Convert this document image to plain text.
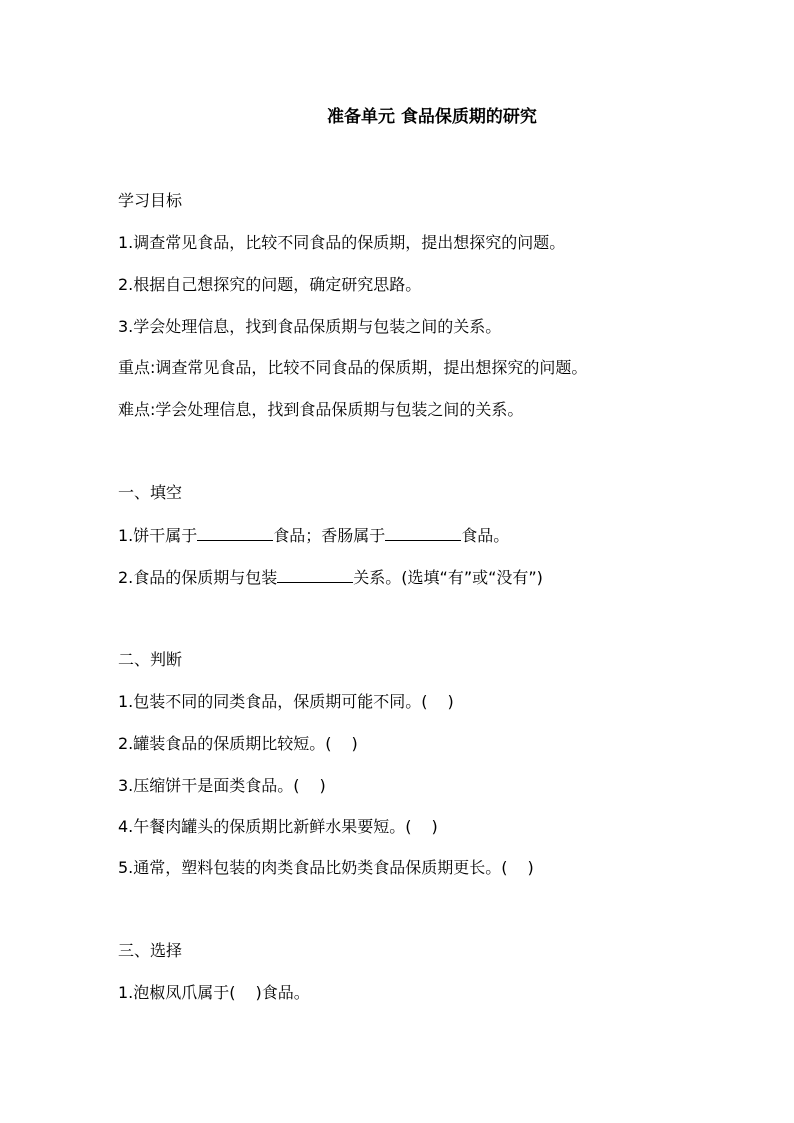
准备单元 食品保质期的研究
学习目标
1.调查常见食品，比较不同食品的保质期，提出想探究的问题。
2.根据自己想探究的问题，确定研究思路。
3.学会处理信息，找到食品保质期与包装之间的关系。
重点:调查常见食品，比较不同食品的保质期，提出想探究的问题。
难点:学会处理信息，找到食品保质期与包装之间的关系。
一、填空
1.饼干属于	食品；香肠属于	食品。
2.食品的保质期与包装	关系。(选填“有”或“没有”)
二、判断
1.包装不同的同类食品，保质期可能不同。( )
2.罐装食品的保质期比较短。( )
3.压缩饼干是面类食品。( )
4.午餐肉罐头的保质期比新鲜水果要短。( )
5.通常，塑料包装的肉类食品比奶类食品保质期更长。( )
三、选择
1.泡椒凤爪属于( )食品。
